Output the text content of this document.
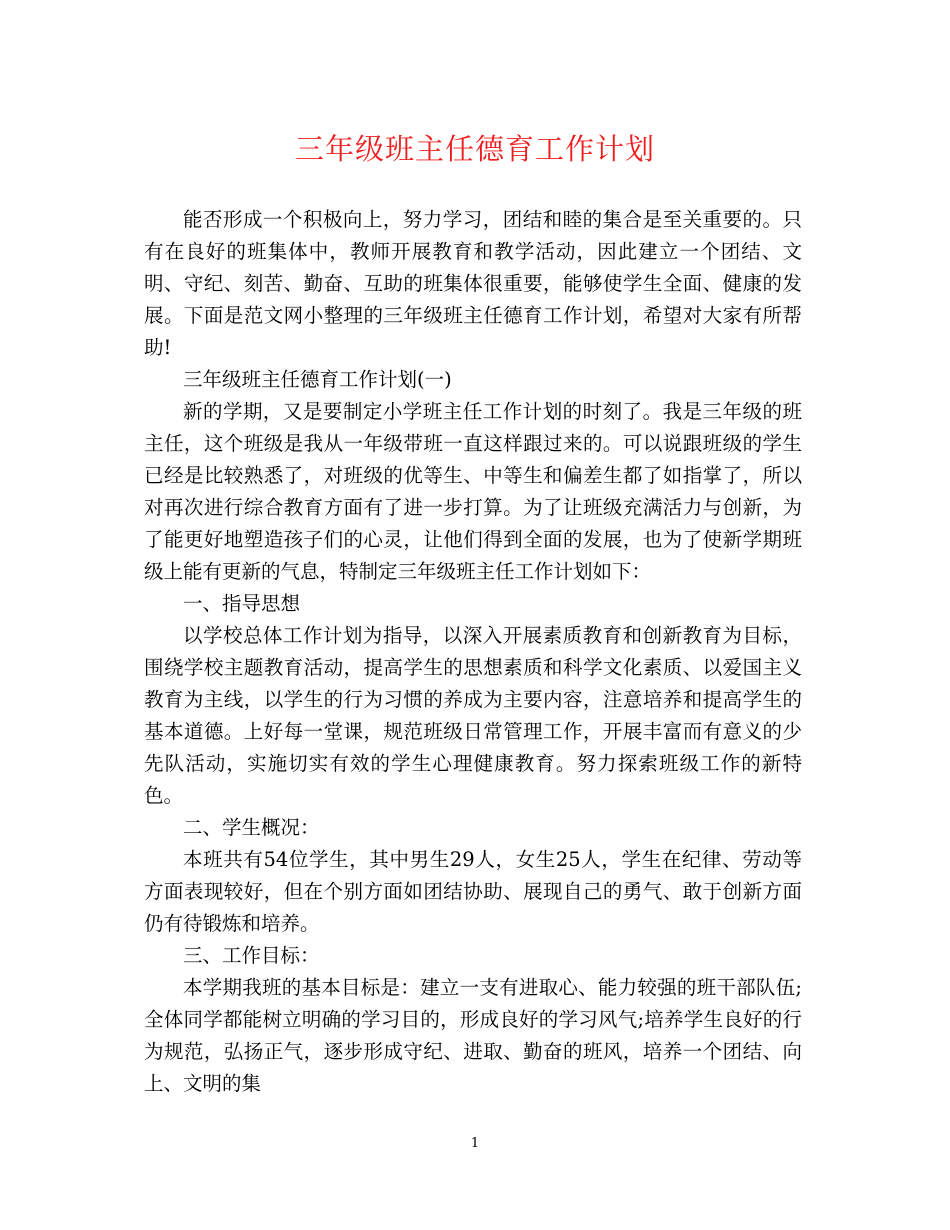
三年级班主任德育工作计划

能否形成一个积极向上，努力学习，团结和睦的集合是至关重要的。只有在良好的班集体中，教师开展教育和教学活动，因此建立一个团结、文明、守纪、刻苦、勤奋、互助的班集体很重要，能够使学生全面、健康的发展。下面是范文网小整理的三年级班主任德育工作计划，希望对大家有所帮助!

三年级班主任德育工作计划(一)

新的学期，又是要制定小学班主任工作计划的时刻了。我是三年级的班主任，这个班级是我从一年级带班一直这样跟过来的。可以说跟班级的学生已经是比较熟悉了，对班级的优等生、中等生和偏差生都了如指掌了，所以对再次进行综合教育方面有了进一步打算。为了让班级充满活力与创新，为了能更好地塑造孩子们的心灵，让他们得到全面的发展，也为了使新学期班级上能有更新的气息，特制定三年级班主任工作计划如下：

一、指导思想

以学校总体工作计划为指导，以深入开展素质教育和创新教育为目标，围绕学校主题教育活动，提高学生的思想素质和科学文化素质、以爱国主义教育为主线，以学生的行为习惯的养成为主要内容，注意培养和提高学生的基本道德。上好每一堂课，规范班级日常管理工作，开展丰富而有意义的少先队活动，实施切实有效的学生心理健康教育。努力探索班级工作的新特色。

二、学生概况：

本班共有54位学生，其中男生29人，女生25人，学生在纪律、劳动等方面表现较好，但在个别方面如团结协助、展现自己的勇气、敢于创新方面仍有待锻炼和培养。

三、工作目标：

本学期我班的基本目标是：建立一支有进取心、能力较强的班干部队伍;全体同学都能树立明确的学习目的，形成良好的学习风气;培养学生良好的行为规范，弘扬正气，逐步形成守纪、进取、勤奋的班风，培养一个团结、向上、文明的集

1
